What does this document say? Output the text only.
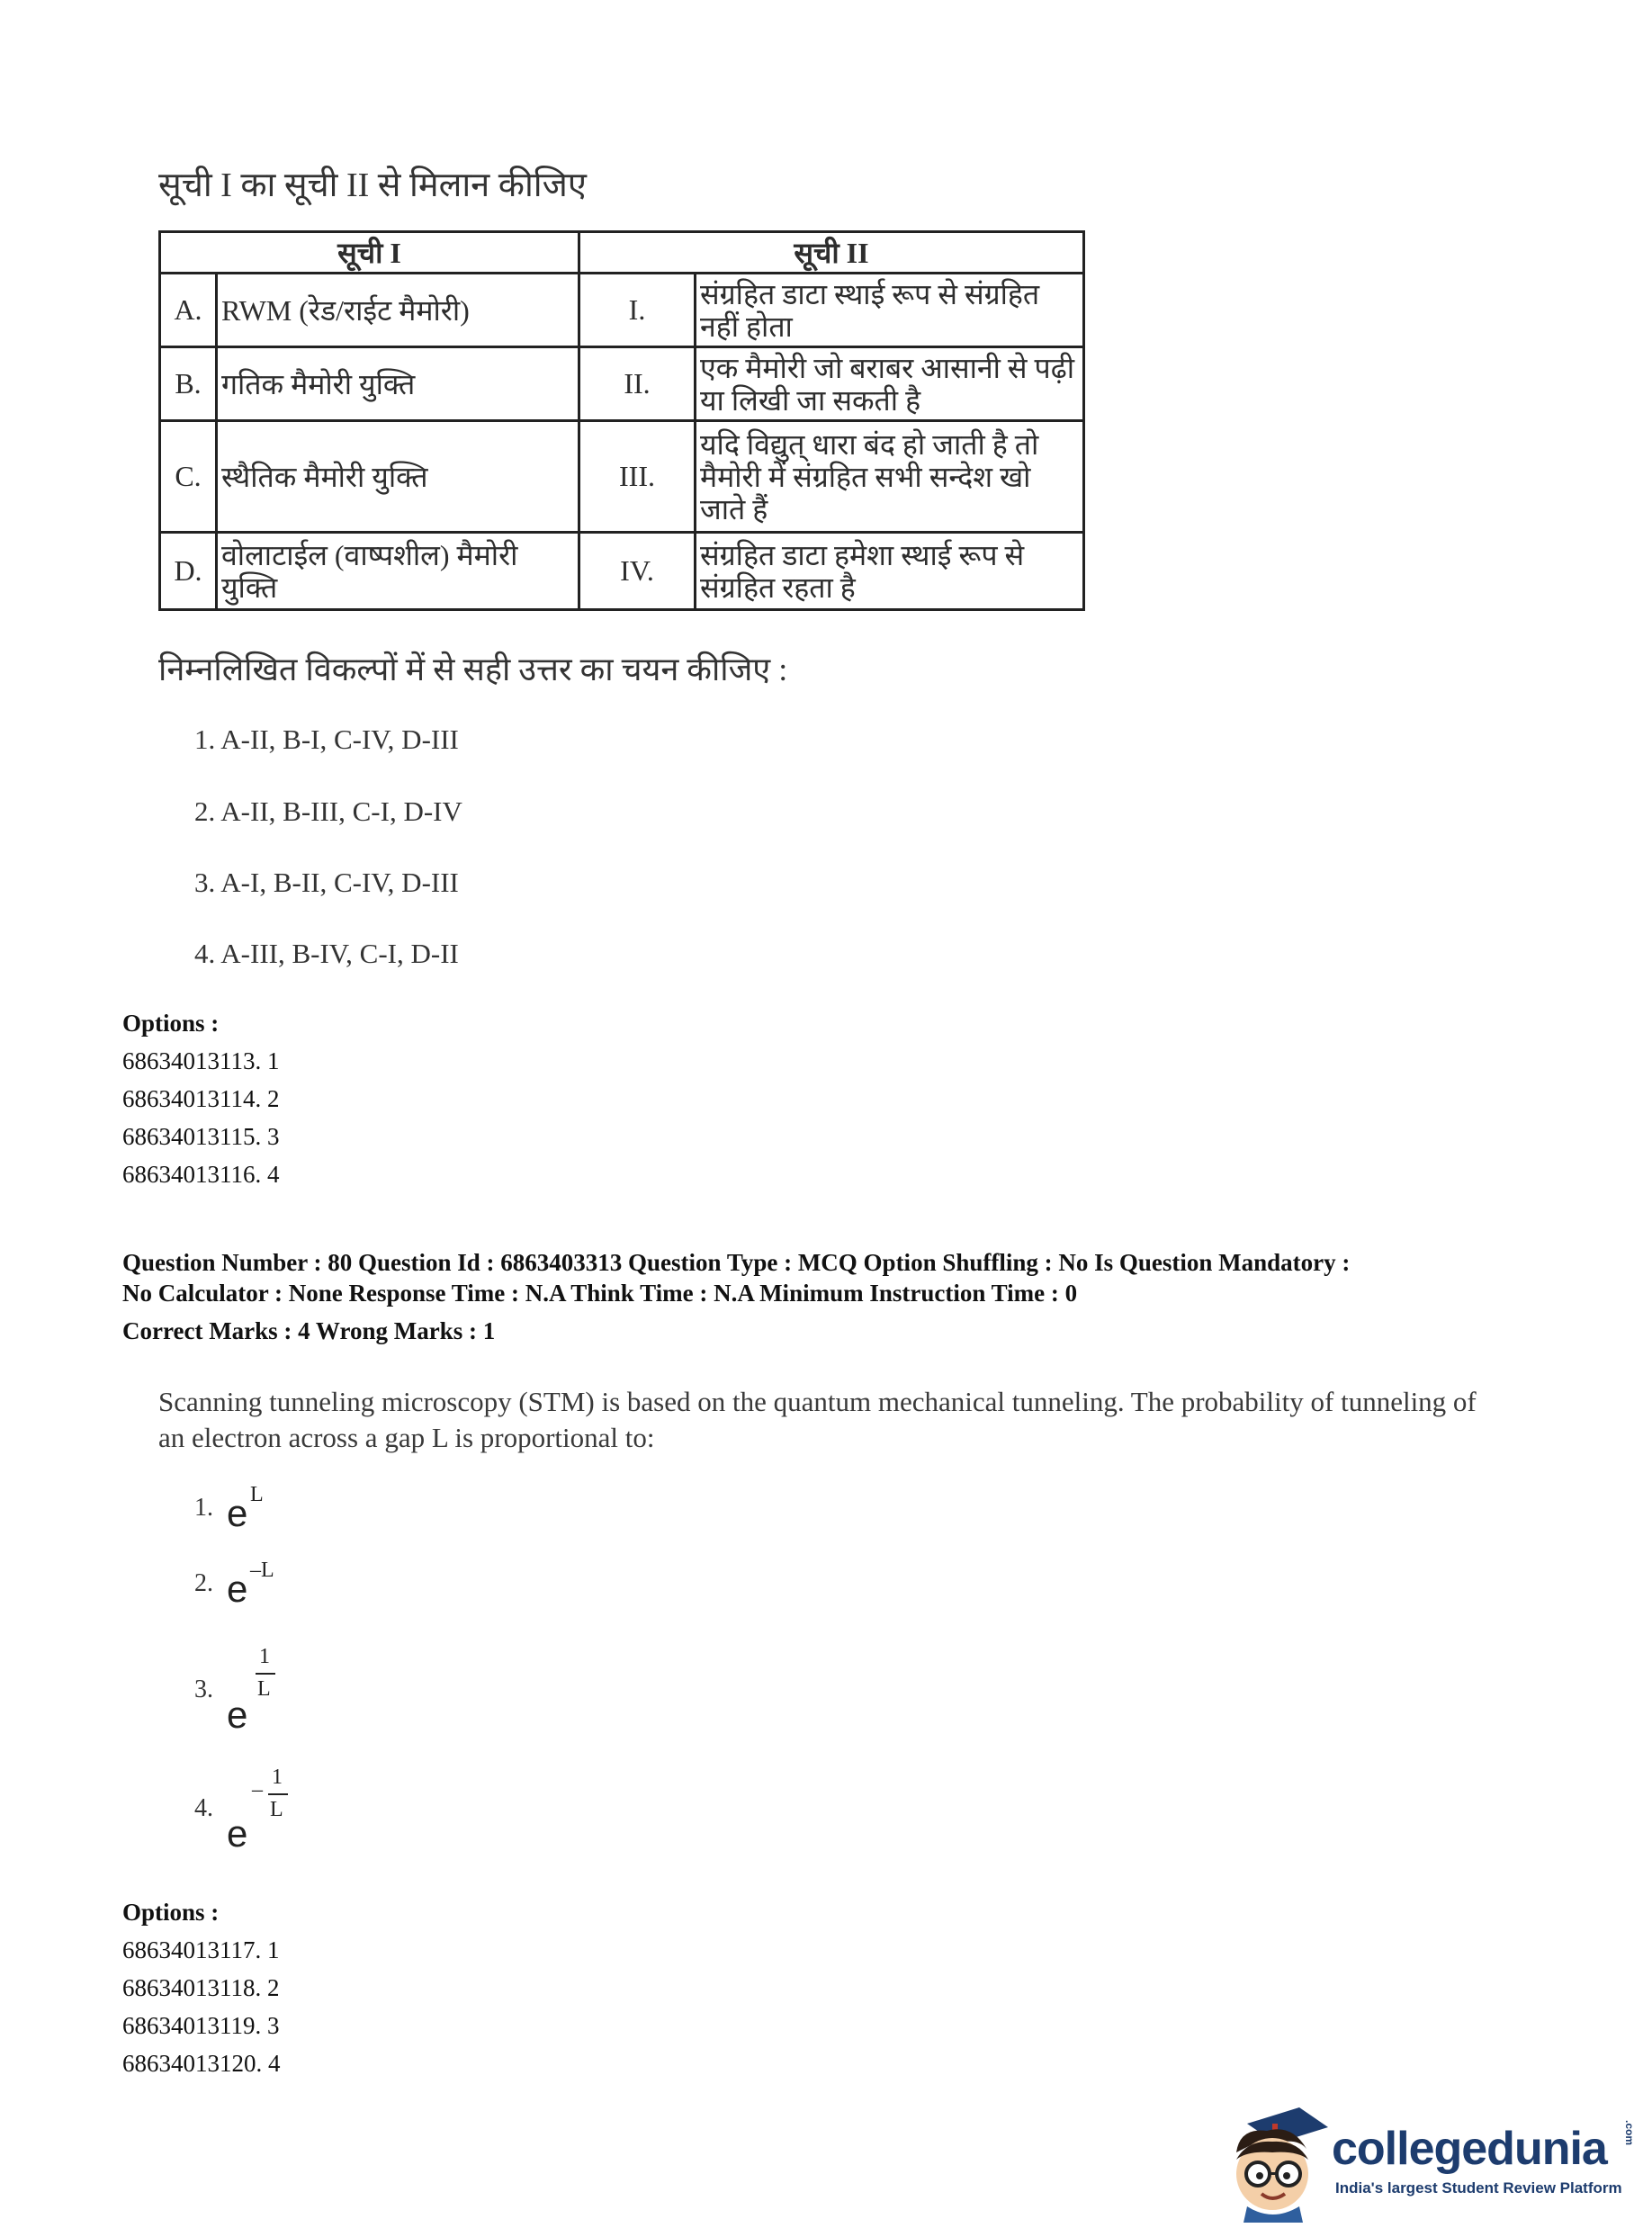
सूची I का सूची II से मिलान कीजिए
सूची I		सूची II	
A.	RWM (रेड/राईट मैमोरी)	I.	संग्रहित डाटा स्थाई रूप से संग्रहित नहीं होता
B.	गतिक मैमोरी युक्ति	II.	एक मैमोरी जो बराबर आसानी से पढ़ी या लिखी जा सकती है
C.	स्थैतिक मैमोरी युक्ति	III.	यदि विद्युत् धारा बंद हो जाती है तो मैमोरी में संग्रहित सभी सन्देश खो जाते हैं
D.	वोलाटाईल (वाष्पशील) मैमोरी युक्ति	IV.	संग्रहित डाटा हमेशा स्थाई रूप से संग्रहित रहता है
निम्नलिखित विकल्पों में से सही उत्तर का चयन कीजिए :
1. A-II, B-I, C-IV, D-III
2. A-II, B-III, C-I, D-IV
3. A-I, B-II, C-IV, D-III
4. A-III, B-IV, C-I, D-II
Options :
68634013113. 1
68634013114. 2
68634013115. 3
68634013116. 4
Question Number : 80 Question Id : 6863403313 Question Type : MCQ Option Shuffling : No Is Question Mandatory :
No Calculator : None Response Time : N.A Think Time : N.A Minimum Instruction Time : 0
Correct Marks : 4 Wrong Marks : 1
Scanning tunneling microscopy (STM) is based on the quantum mechanical tunneling. The probability of tunneling of an electron across a gap L is proportional to:
1. e L
2. e –L
3.
e
1
L
4.
e
–
1
L
Options :
68634013117. 1
68634013118. 2
68634013119. 3
68634013120. 4
collegedunia .com
India's largest Student Review Platform
